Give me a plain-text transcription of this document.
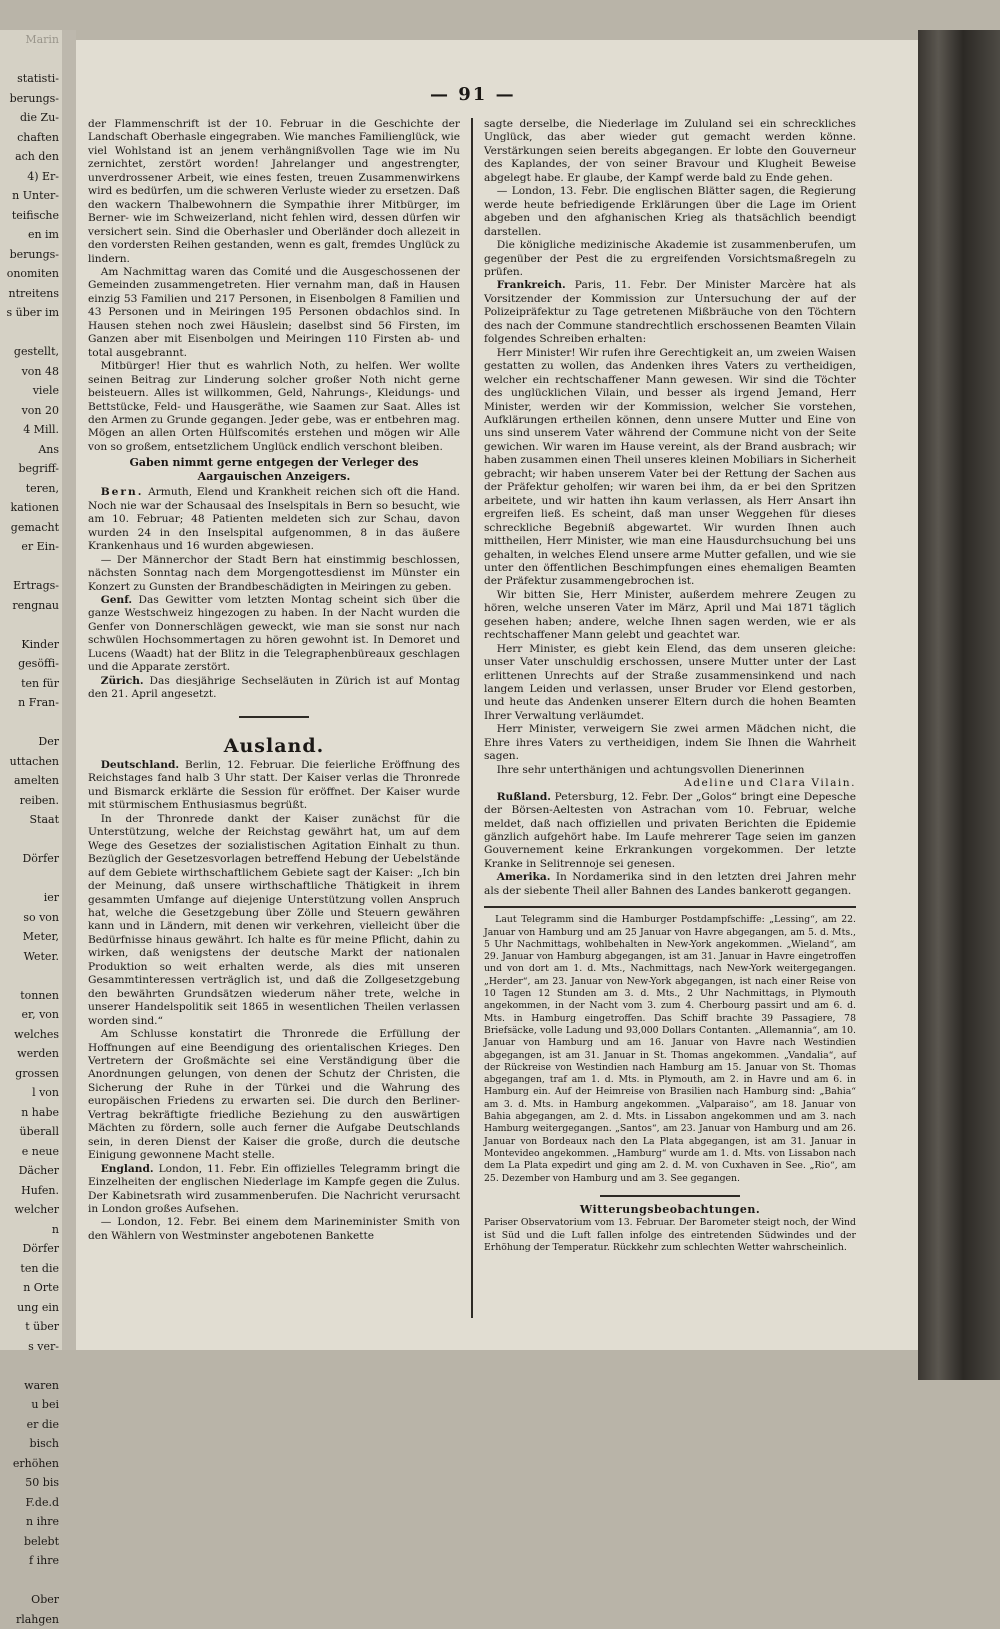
Marin

statisti-
berungs-
die Zu-
chaften
ach den
4) Er-
n Unter-
teifische
en im
berungs-
onomiten
ntreitens
s über im

gestellt,
von 48
viele
von 20
4 Mill.
Ans
begriff-
teren,
kationen
gemacht
er Ein-

Ertrags-
rengnau

Kinder
gesöffi-
ten für
n Fran-

Der
uttachen
amelten
reiben.
Staat

Dörfer

ier
so von
Meter,
Weter.

tonnen
er, von
welches
werden
grossen
l von
n habe
überall
e neue
Dächer
Hufen.
welcher
n
Dörfer
ten die
n Orte
ung ein
t über
s ver-

waren
u bei
er die
bisch
erhöhen
50 bis
F.de.d
n ihre
belebt
f ihre

Ober
rlahgen
— 91 —

der Flammenschrift ist der 10. Februar in die Geschichte der Landschaft Oberhasle eingegraben. Wie manches Familienglück, wie viel Wohlstand ist an jenem verhängnißvollen Tage wie im Nu zernichtet, zerstört worden! Jahrelanger und angestrengter, unverdrossener Arbeit, wie eines festen, treuen Zusammenwirkens wird es bedürfen, um die schweren Verluste wieder zu ersetzen. Daß den wackern Thalbewohnern die Sympathie ihrer Mitbürger, im Berner- wie im Schweizerland, nicht fehlen wird, dessen dürfen wir versichert sein. Sind die Oberhasler und Oberländer doch allezeit in den vordersten Reihen gestanden, wenn es galt, fremdes Unglück zu lindern.

Am Nachmittag waren das Comité und die Ausgeschossenen der Gemeinden zusammengetreten. Hier vernahm man, daß in Hausen einzig 53 Familien und 217 Personen, in Eisenbolgen 8 Familien und 43 Personen und in Meiringen 195 Personen obdachlos sind. In Hausen stehen noch zwei Häuslein; daselbst sind 56 Firsten, im Ganzen aber mit Eisenbolgen und Meiringen 110 Firsten ab- und total ausgebrannt.

Mitbürger! Hier thut es wahrlich Noth, zu helfen. Wer wollte seinen Beitrag zur Linderung solcher großer Noth nicht gerne beisteuern. Alles ist willkommen, Geld, Nahrungs-, Kleidungs- und Bettstücke, Feld- und Hausgeräthe, wie Saamen zur Saat. Alles ist den Armen zu Grunde gegangen. Jeder gebe, was er entbehren mag. Mögen an allen Orten Hülfscomités erstehen und mögen wir Alle von so großem, entsetzlichem Unglück endlich verschont bleiben.

Gaben nimmt gerne entgegen der Verleger des Aargauischen Anzeigers.

Bern. Armuth, Elend und Krankheit reichen sich oft die Hand. Noch nie war der Schausaal des Inselspitals in Bern so besucht, wie am 10. Februar; 48 Patienten meldeten sich zur Schau, davon wurden 24 in den Inselspital aufgenommen, 8 in das äußere Krankenhaus und 16 wurden abgewiesen.

— Der Männerchor der Stadt Bern hat einstimmig beschlossen, nächsten Sonntag nach dem Morgengottesdienst im Münster ein Konzert zu Gunsten der Brandbeschädigten in Meiringen zu geben.

Genf. Das Gewitter vom letzten Montag scheint sich über die ganze Westschweiz hingezogen zu haben. In der Nacht wurden die Genfer von Donnerschlägen geweckt, wie man sie sonst nur nach schwülen Hochsommertagen zu hören gewohnt ist. In Demoret und Lucens (Waadt) hat der Blitz in die Telegraphenbüreaux geschlagen und die Apparate zerstört.

Zürich. Das diesjährige Sechseläuten in Zürich ist auf Montag den 21. April angesetzt.

Ausland.

Deutschland. Berlin, 12. Februar. Die feierliche Eröffnung des Reichstages fand halb 3 Uhr statt. Der Kaiser verlas die Thronrede und Bismarck erklärte die Session für eröffnet. Der Kaiser wurde mit stürmischem Enthusiasmus begrüßt.

In der Thronrede dankt der Kaiser zunächst für die Unterstützung, welche der Reichstag gewährt hat, um auf dem Wege des Gesetzes der sozialistischen Agitation Einhalt zu thun. Bezüglich der Gesetzesvorlagen betreffend Hebung der Uebelstände auf dem Gebiete wirthschaftlichem Gebiete sagt der Kaiser: „Ich bin der Meinung, daß unsere wirthschaftliche Thätigkeit in ihrem gesammten Umfange auf diejenige Unterstützung vollen Anspruch hat, welche die Gesetzgebung über Zölle und Steuern gewähren kann und in Ländern, mit denen wir verkehren, vielleicht über die Bedürfnisse hinaus gewährt. Ich halte es für meine Pflicht, dahin zu wirken, daß wenigstens der deutsche Markt der nationalen Produktion so weit erhalten werde, als dies mit unseren Gesammtinteressen verträglich ist, und daß die Zollgesetzgebung den bewährten Grundsätzen wiederum näher trete, welche in unserer Handelspolitik seit 1865 in wesentlichen Theilen verlassen worden sind.“

Am Schlusse konstatirt die Thronrede die Erfüllung der Hoffnungen auf eine Beendigung des orientalischen Krieges. Den Vertretern der Großmächte sei eine Verständigung über die Anordnungen gelungen, von denen der Schutz der Christen, die Sicherung der Ruhe in der Türkei und die Wahrung des europäischen Friedens zu erwarten sei. Die durch den Berliner-Vertrag bekräftigte friedliche Beziehung zu den auswärtigen Mächten zu fördern, solle auch ferner die Aufgabe Deutschlands sein, in deren Dienst der Kaiser die große, durch die deutsche Einigung gewonnene Macht stelle.

England. London, 11. Febr. Ein offizielles Telegramm bringt die Einzelheiten der englischen Niederlage im Kampfe gegen die Zulus. Der Kabinetsrath wird zusammenberufen. Die Nachricht verursacht in London großes Aufsehen.

— London, 12. Febr. Bei einem dem Marineminister Smith von den Wählern von Westminster angebotenen Bankette

sagte derselbe, die Niederlage im Zululand sei ein schreckliches Unglück, das aber wieder gut gemacht werden könne. Verstärkungen seien bereits abgegangen. Er lobte den Gouverneur des Kaplandes, der von seiner Bravour und Klugheit Beweise abgelegt habe. Er glaube, der Kampf werde bald zu Ende gehen.

— London, 13. Febr. Die englischen Blätter sagen, die Regierung werde heute befriedigende Erklärungen über die Lage im Orient abgeben und den afghanischen Krieg als thatsächlich beendigt darstellen.

Die königliche medizinische Akademie ist zusammenberufen, um gegenüber der Pest die zu ergreifenden Vorsichtsmaßregeln zu prüfen.

Frankreich. Paris, 11. Febr. Der Minister Marcère hat als Vorsitzender der Kommission zur Untersuchung der auf der Polizeipräfektur zu Tage getretenen Mißbräuche von den Töchtern des nach der Commune standrechtlich erschossenen Beamten Vilain folgendes Schreiben erhalten:

Herr Minister! Wir rufen ihre Gerechtigkeit an, um zweien Waisen gestatten zu wollen, das Andenken ihres Vaters zu vertheidigen, welcher ein rechtschaffener Mann gewesen. Wir sind die Töchter des unglücklichen Vilain, und besser als irgend Jemand, Herr Minister, werden wir der Kommission, welcher Sie vorstehen, Aufklärungen ertheilen können, denn unsere Mutter und Eine von uns sind unserem Vater während der Commune nicht von der Seite gewichen. Wir waren im Hause vereint, als der Brand ausbrach; wir haben zusammen einen Theil unseres kleinen Mobiliars in Sicherheit gebracht; wir haben unserem Vater bei der Rettung der Sachen aus der Präfektur geholfen; wir waren bei ihm, da er bei den Spritzen arbeitete, und wir hatten ihn kaum verlassen, als Herr Ansart ihn ergreifen ließ. Es scheint, daß man unser Weggehen für dieses schreckliche Begebniß abgewartet. Wir wurden Ihnen auch mittheilen, Herr Minister, wie man eine Hausdurchsuchung bei uns gehalten, in welches Elend unsere arme Mutter gefallen, und wie sie unter den öffentlichen Beschimpfungen eines ehemaligen Beamten der Präfektur zusammengebrochen ist.

Wir bitten Sie, Herr Minister, außerdem mehrere Zeugen zu hören, welche unseren Vater im März, April und Mai 1871 täglich gesehen haben; andere, welche Ihnen sagen werden, wie er als rechtschaffener Mann gelebt und geachtet war.

Herr Minister, es giebt kein Elend, das dem unseren gleiche: unser Vater unschuldig erschossen, unsere Mutter unter der Last erlittenen Unrechts auf der Straße zusammensinkend und nach langem Leiden und verlassen, unser Bruder vor Elend gestorben, und heute das Andenken unserer Eltern durch die hohen Beamten Ihrer Verwaltung verläumdet.

Herr Minister, verweigern Sie zwei armen Mädchen nicht, die Ehre ihres Vaters zu vertheidigen, indem Sie Ihnen die Wahrheit sagen.

Ihre sehr unterthänigen und achtungsvollen Dienerinnen

Adeline und Clara Vilain.

Rußland. Petersburg, 12. Febr. Der „Golos“ bringt eine Depesche der Börsen-Aeltesten von Astrachan vom 10. Februar, welche meldet, daß nach offiziellen und privaten Berichten die Epidemie gänzlich aufgehört habe. Im Laufe mehrerer Tage seien im ganzen Gouvernement keine Erkrankungen vorgekommen. Der letzte Kranke in Selitrennoje sei genesen.

Amerika. In Nordamerika sind in den letzten drei Jahren mehr als der siebente Theil aller Bahnen des Landes bankerott gegangen.

Laut Telegramm sind die Hamburger Postdampfschiffe: „Lessing“, am 22. Januar von Hamburg und am 25 Januar von Havre abgegangen, am 5. d. Mts., 5 Uhr Nachmittags, wohlbehalten in New-York angekommen. „Wieland“, am 29. Januar von Hamburg abgegangen, ist am 31. Januar in Havre eingetroffen und von dort am 1. d. Mts., Nachmittags, nach New-York weitergegangen. „Herder“, am 23. Januar von New-York abgegangen, ist nach einer Reise von 10 Tagen 12 Stunden am 3. d. Mts., 2 Uhr Nachmittags, in Plymouth angekommen, in der Nacht vom 3. zum 4. Cherbourg passirt und am 6. d. Mts. in Hamburg eingetroffen. Das Schiff brachte 39 Passagiere, 78 Briefsäcke, volle Ladung und 93,000 Dollars Contanten. „Allemannia“, am 10. Januar von Hamburg und am 16. Januar von Havre nach Westindien abgegangen, ist am 31. Januar in St. Thomas angekommen. „Vandalia“, auf der Rückreise von Westindien nach Hamburg am 15. Januar von St. Thomas abgegangen, traf am 1. d. Mts. in Plymouth, am 2. in Havre und am 6. in Hamburg ein. Auf der Heimreise von Brasilien nach Hamburg sind: „Bahia“ am 3. d. Mts. in Hamburg angekommen. „Valparaiso“, am 18. Januar von Bahia abgegangen, am 2. d. Mts. in Lissabon angekommen und am 3. nach Hamburg weitergegangen. „Santos“, am 23. Januar von Hamburg und am 26. Januar von Bordeaux nach den La Plata abgegangen, ist am 31. Januar in Montevideo angekommen. „Hamburg“ wurde am 1. d. Mts. von Lissabon nach dem La Plata expedirt und ging am 2. d. M. von Cuxhaven in See. „Rio“, am 25. Dezember von Hamburg und am 3. See gegangen.

Witterungsbeobachtungen.

Pariser Observatorium vom 13. Februar. Der Barometer steigt noch, der Wind ist Süd und die Luft fallen infolge des eintretenden Südwindes und der Erhöhung der Temperatur. Rückkehr zum schlechten Wetter wahrscheinlich.
